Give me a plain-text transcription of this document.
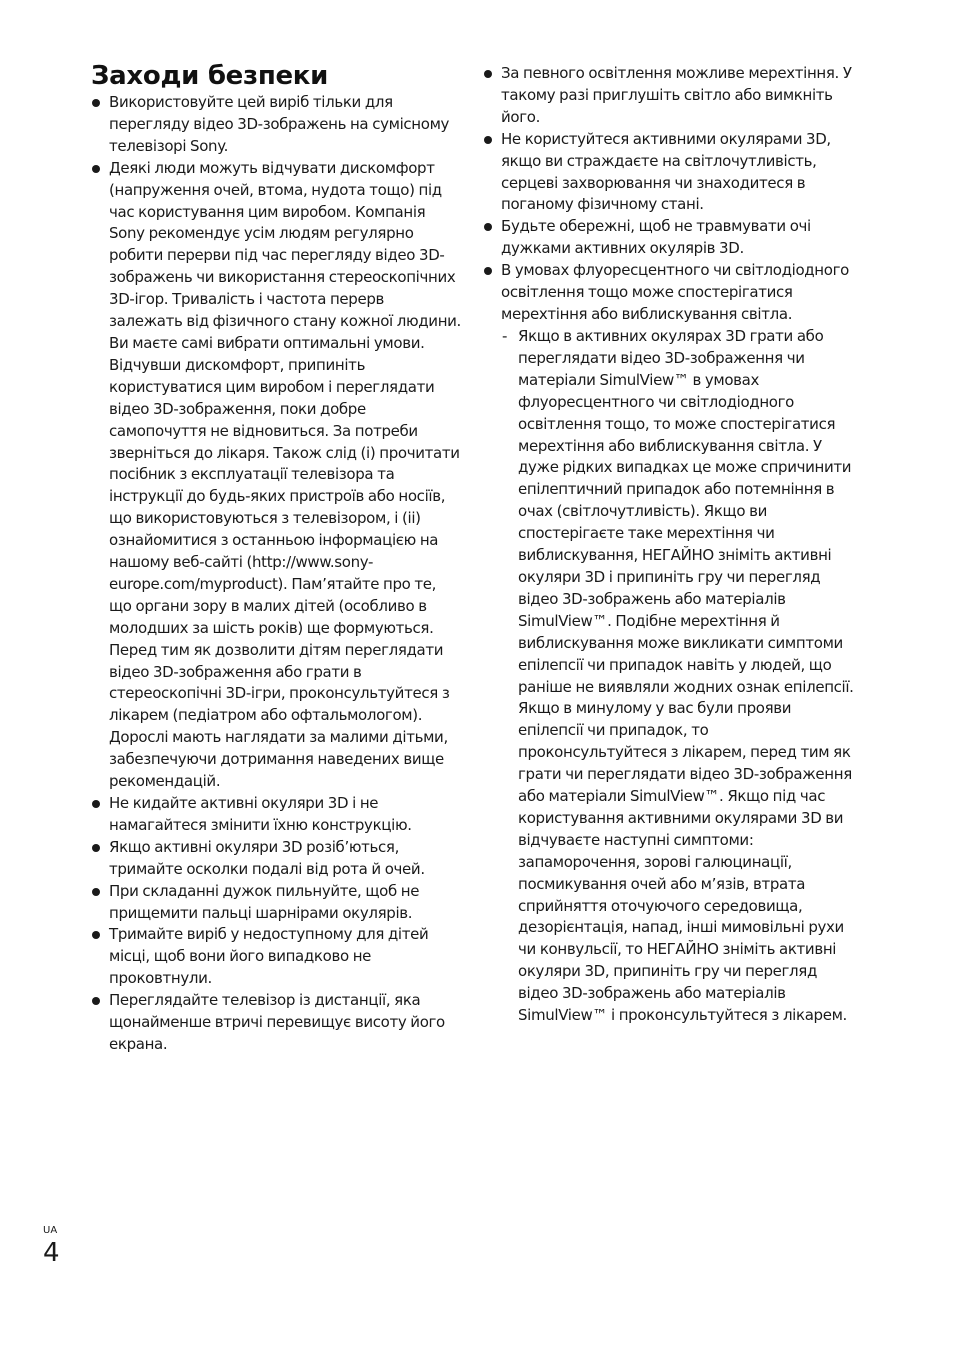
Заходи безпеки
Використовуйте цей виріб тільки для перегляду відео 3D-зображень на сумісному телевізорі Sony.
Деякі люди можуть відчувати дискомфорт (напруження очей, втома, нудота тощо) під час користування цим виробом. Компанія Sony рекомендує усім людям регулярно робити перерви під час перегляду відео 3D-зображень чи використання стереоскопічних 3D-ігор. Тривалість і частота перерв залежать від фізичного стану кожної людини. Ви маєте самі вибрати оптимальні умови. Відчувши дискомфорт, припиніть користуватися цим виробом і переглядати відео 3D-зображення, поки добре самопочуття не відновиться. За потреби зверніться до лікаря. Також слід (і) прочитати посібник з експлуатації телевізора та інструкції до будь-яких пристроїв або носіїв, що використовуються з телевізором, і (ii) ознайомитися з останньою інформацією на нашому веб-сайті (http://www.sony-europe.com/myproduct). Пам’ятайте про те, що органи зору в малих дітей (особливо в молодших за шість років) ще формуються. Перед тим як дозволити дітям переглядати відео 3D-зображення або грати в стереоскопічні 3D-ігри, проконсультуйтеся з лікарем (педіатром або офтальмологом). Дорослі мають наглядати за малими дітьми, забезпечуючи дотримання наведених вище рекомендацій.
Не кидайте активні окуляри 3D і не намагайтеся змінити їхню конструкцію.
Якщо активні окуляри 3D розіб’ються, тримайте осколки подалі від рота й очей.
При складанні дужок пильнуйте, щоб не прищемити пальці шарнірами окулярів.
Тримайте виріб у недоступному для дітей місці, щоб вони його випадково не проковтнули.
Переглядайте телевізор із дистанції, яка щонайменше втричі перевищує висоту його екрана.
За певного освітлення можливе мерехтіння. У такому разі приглушіть світло або вимкніть його.
Не користуйтеся активними окулярами 3D, якщо ви страждаєте на світлочутливість, серцеві захворювання чи знаходитеся в поганому фізичному стані.
Будьте обережні, щоб не травмувати очі дужками активних окулярів 3D.
В умовах флуоресцентного чи світлодіодного освітлення тощо може спостерігатися мерехтіння або виблискування світла.
- Якщо в активних окулярах 3D грати або переглядати відео 3D-зображення чи матеріали SimulView™ в умовах флуоресцентного чи світлодіодного освітлення тощо, то може спостерігатися мерехтіння або виблискування світла. У дуже рідких випадках це може спричинити епілептичний припадок або потемніння в очах (світлочутливість). Якщо ви спостерігаєте таке мерехтіння чи виблискування, НЕГАЙНО зніміть активні окуляри 3D і припиніть гру чи перегляд відео 3D-зображень або матеріалів SimulView™. Подібне мерехтіння й виблискування може викликати симптоми епілепсії чи припадок навіть у людей, що раніше не виявляли жодних ознак епілепсії. Якщо в минулому у вас були прояви епілепсії чи припадок, то проконсультуйтеся з лікарем, перед тим як грати чи переглядати відео 3D-зображення або матеріали SimulView™. Якщо під час користування активними окулярами 3D ви відчуваєте наступні симптоми: запаморочення, зорові галюцинації, посмикування очей або м’язів, втрата сприйняття оточуючого середовища, дезорієнтація, напад, інші мимовільні рухи чи конвульсії, то НЕГАЙНО зніміть активні окуляри 3D, припиніть гру чи перегляд відео 3D-зображень або матеріалів SimulView™ і проконсультуйтеся з лікарем.
UA
4
